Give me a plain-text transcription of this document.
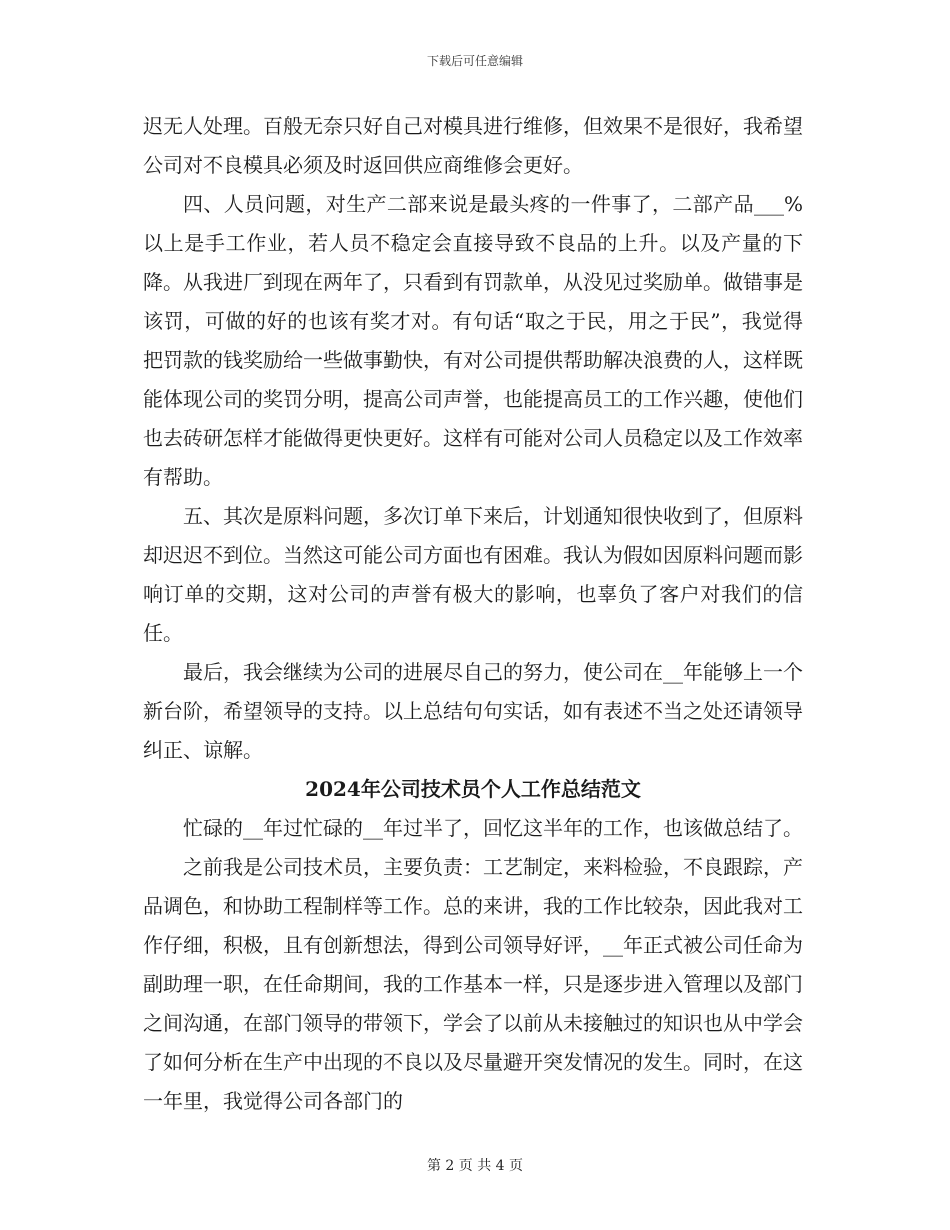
下载后可任意编辑

迟无人处理。百般无奈只好自己对模具进行维修，但效果不是很好，我希望公司对不良模具必须及时返回供应商维修会更好。

四、人员问题，对生产二部来说是最头疼的一件事了，二部产品___%以上是手工作业，若人员不稳定会直接导致不良品的上升。以及产量的下降。从我进厂到现在两年了，只看到有罚款单，从没见过奖励单。做错事是该罚，可做的好的也该有奖才对。有句话“取之于民，用之于民”，我觉得把罚款的钱奖励给一些做事勤快，有对公司提供帮助解决浪费的人，这样既能体现公司的奖罚分明，提高公司声誉，也能提高员工的工作兴趣，使他们也去砖研怎样才能做得更快更好。这样有可能对公司人员稳定以及工作效率有帮助。

五、其次是原料问题，多次订单下来后，计划通知很快收到了，但原料却迟迟不到位。当然这可能公司方面也有困难。我认为假如因原料问题而影响订单的交期，这对公司的声誉有极大的影响，也辜负了客户对我们的信任。

最后，我会继续为公司的进展尽自己的努力，使公司在__年能够上一个新台阶，希望领导的支持。以上总结句句实话，如有表述不当之处还请领导纠正、谅解。

2024年公司技术员个人工作总结范文

忙碌的__年过忙碌的__年过半了，回忆这半年的工作，也该做总结了。

之前我是公司技术员，主要负责：工艺制定，来料检验，不良跟踪，产品调色，和协助工程制样等工作。总的来讲，我的工作比较杂，因此我对工作仔细，积极，且有创新想法，得到公司领导好评，__年正式被公司任命为副助理一职，在任命期间，我的工作基本一样，只是逐步进入管理以及部门之间沟通，在部门领导的带领下，学会了以前从未接触过的知识也从中学会了如何分析在生产中出现的不良以及尽量避开突发情况的发生。同时，在这一年里，我觉得公司各部门的

第 2 页 共 4 页
